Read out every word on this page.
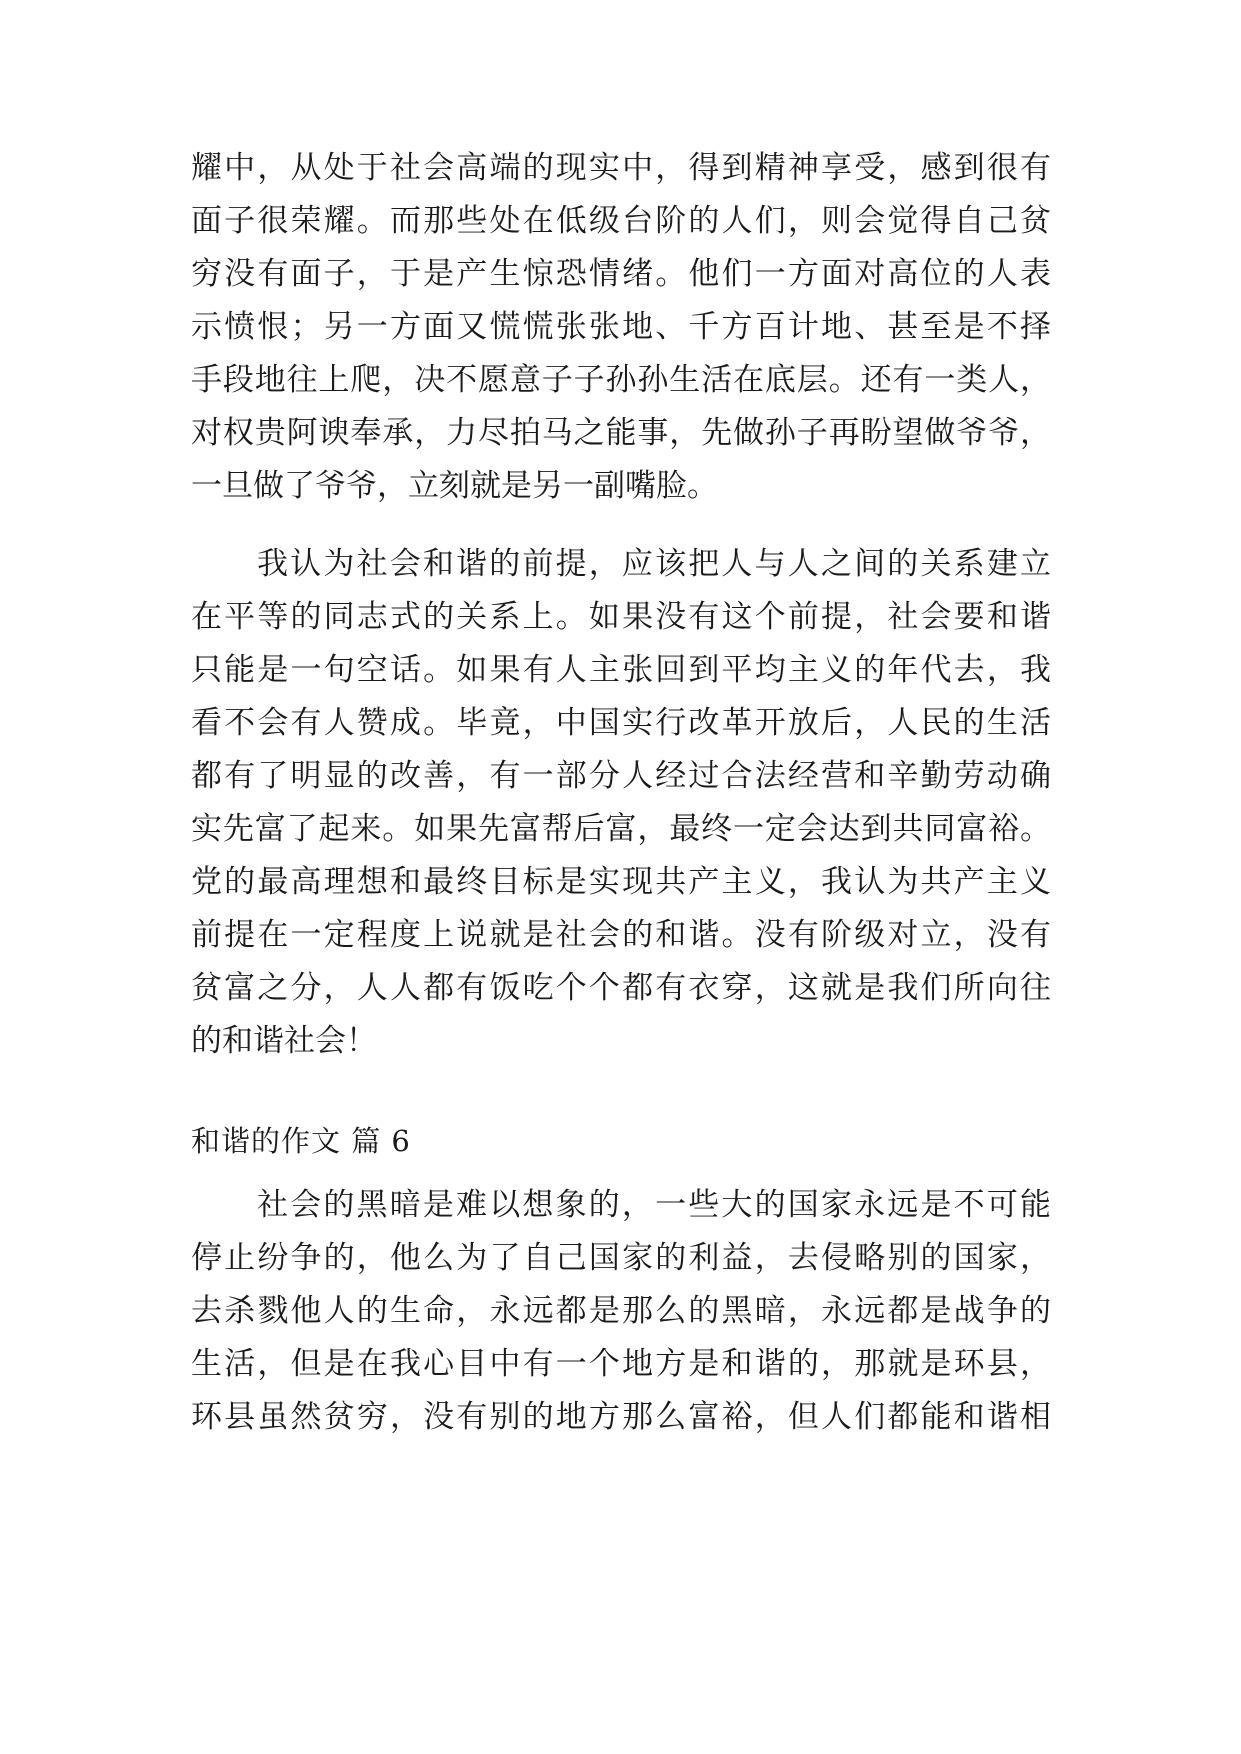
耀中，从处于社会高端的现实中，得到精神享受，感到很有
面子很荣耀。而那些处在低级台阶的人们，则会觉得自己贫
穷没有面子，于是产生惊恐情绪。他们一方面对高位的人表
示愤恨；另一方面又慌慌张张地、千方百计地、甚至是不择
手段地往上爬，决不愿意子子孙孙生活在底层。还有一类人，
对权贵阿谀奉承，力尽拍马之能事，先做孙子再盼望做爷爷，
一旦做了爷爷，立刻就是另一副嘴脸。
我认为社会和谐的前提，应该把人与人之间的关系建立
在平等的同志式的关系上。如果没有这个前提，社会要和谐
只能是一句空话。如果有人主张回到平均主义的年代去，我
看不会有人赞成。毕竟，中国实行改革开放后，人民的生活
都有了明显的改善，有一部分人经过合法经营和辛勤劳动确
实先富了起来。如果先富帮后富，最终一定会达到共同富裕。
党的最高理想和最终目标是实现共产主义，我认为共产主义
前提在一定程度上说就是社会的和谐。没有阶级对立，没有
贫富之分，人人都有饭吃个个都有衣穿，这就是我们所向往
的和谐社会！
和谐的作文 篇 6
社会的黑暗是难以想象的，一些大的国家永远是不可能
停止纷争的，他么为了自己国家的利益，去侵略别的国家，
去杀戮他人的生命，永远都是那么的黑暗，永远都是战争的
生活，但是在我心目中有一个地方是和谐的，那就是环县，
环县虽然贫穷，没有别的地方那么富裕，但人们都能和谐相
